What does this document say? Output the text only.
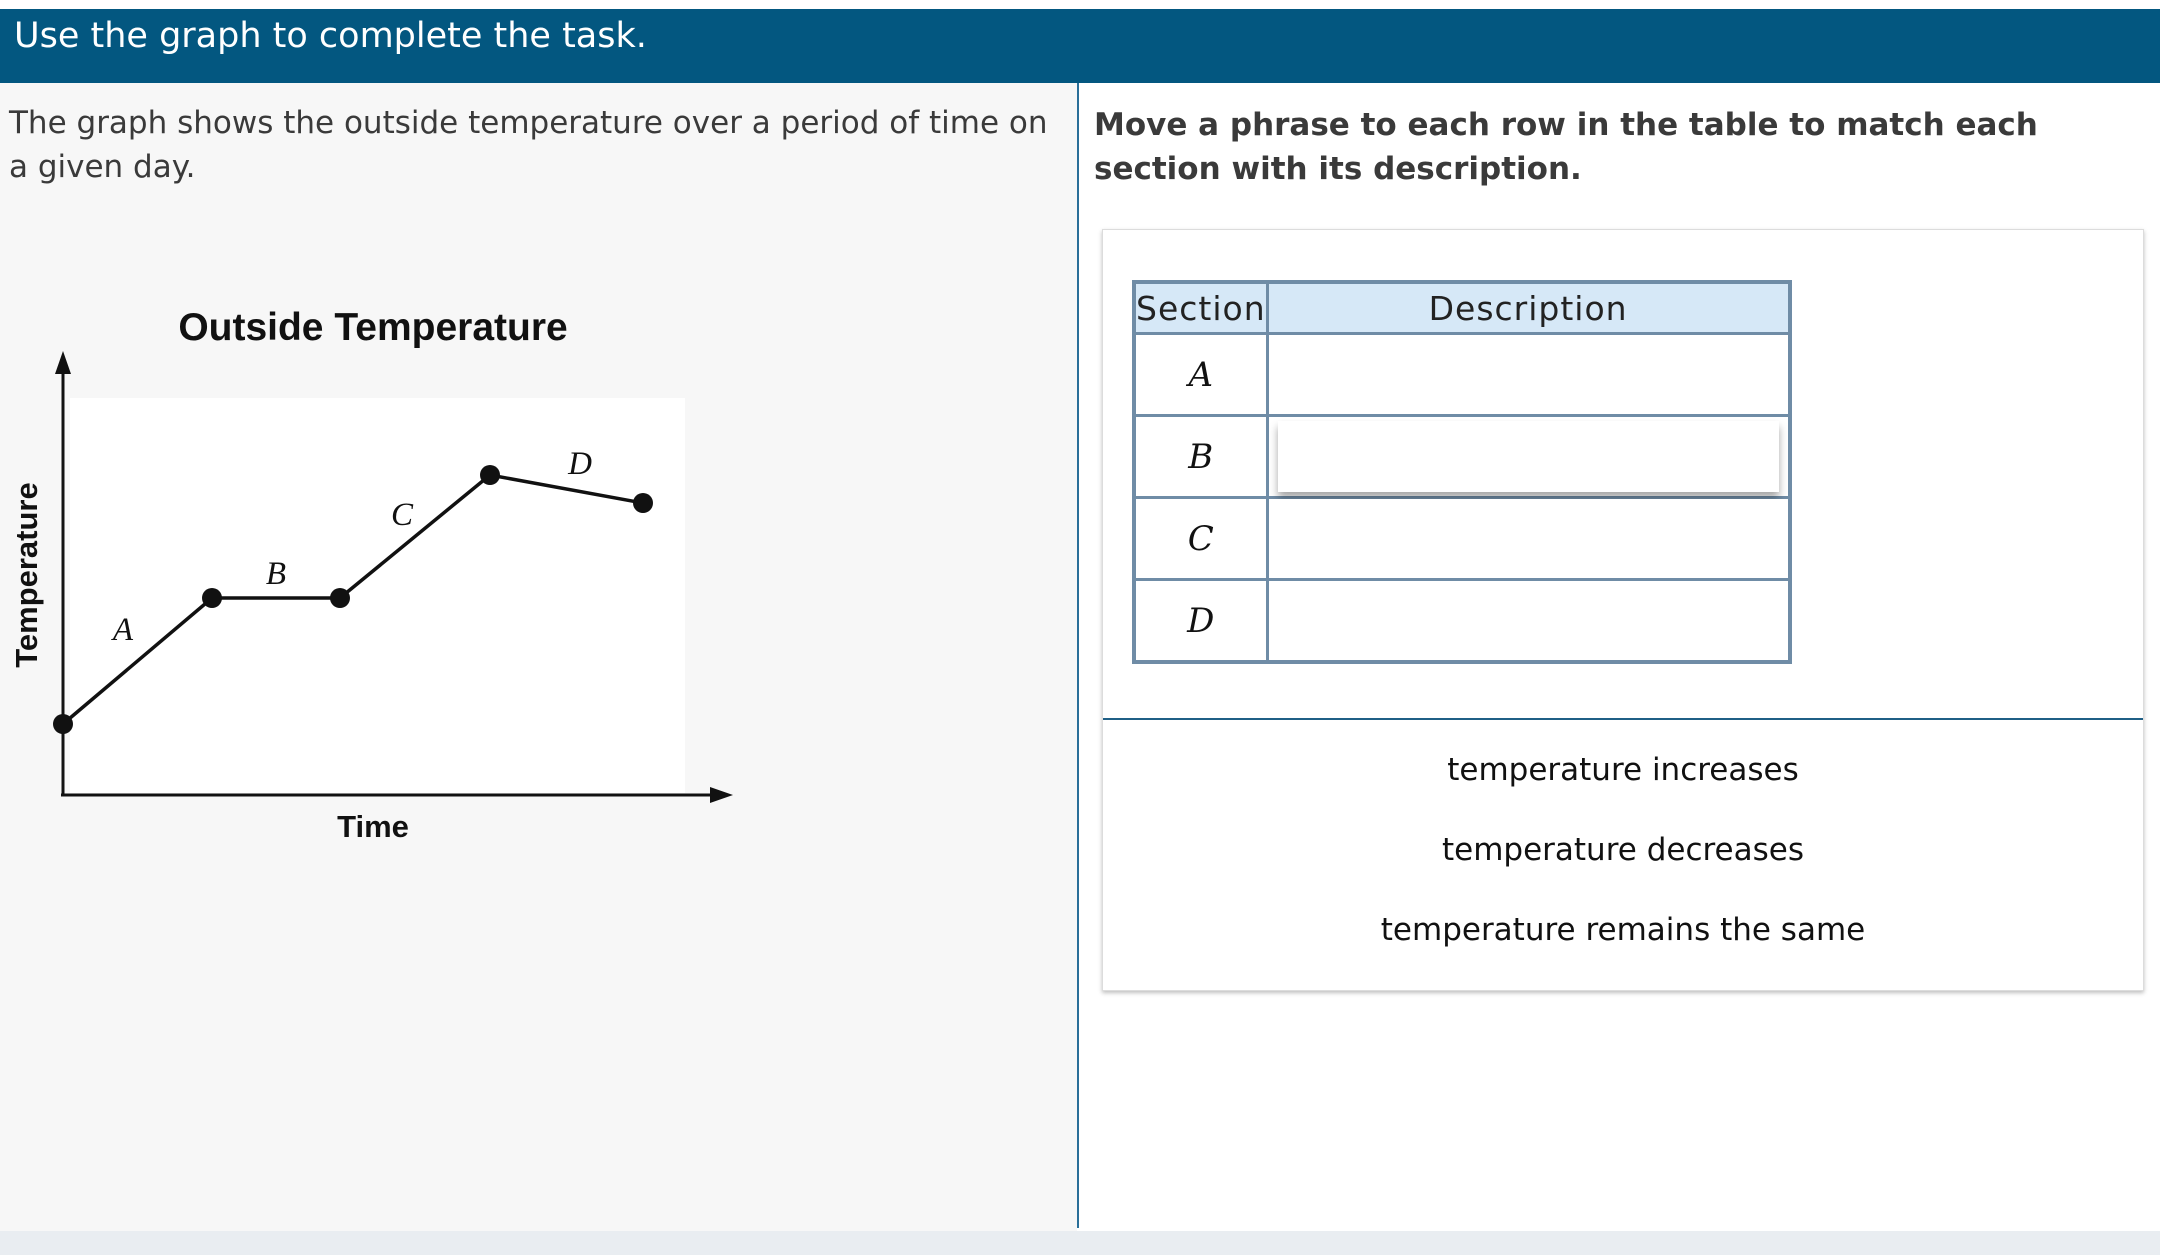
Use the graph to complete the task.
The graph shows the outside temperature over a period of time on a given day.
Outside Temperature
Temperature
Time
A
B
C
D
Move a phrase to each row in the table to match each section with its description.
Section	Description
A	
B	

C	
D	
temperature increases
temperature decreases
temperature remains the same
